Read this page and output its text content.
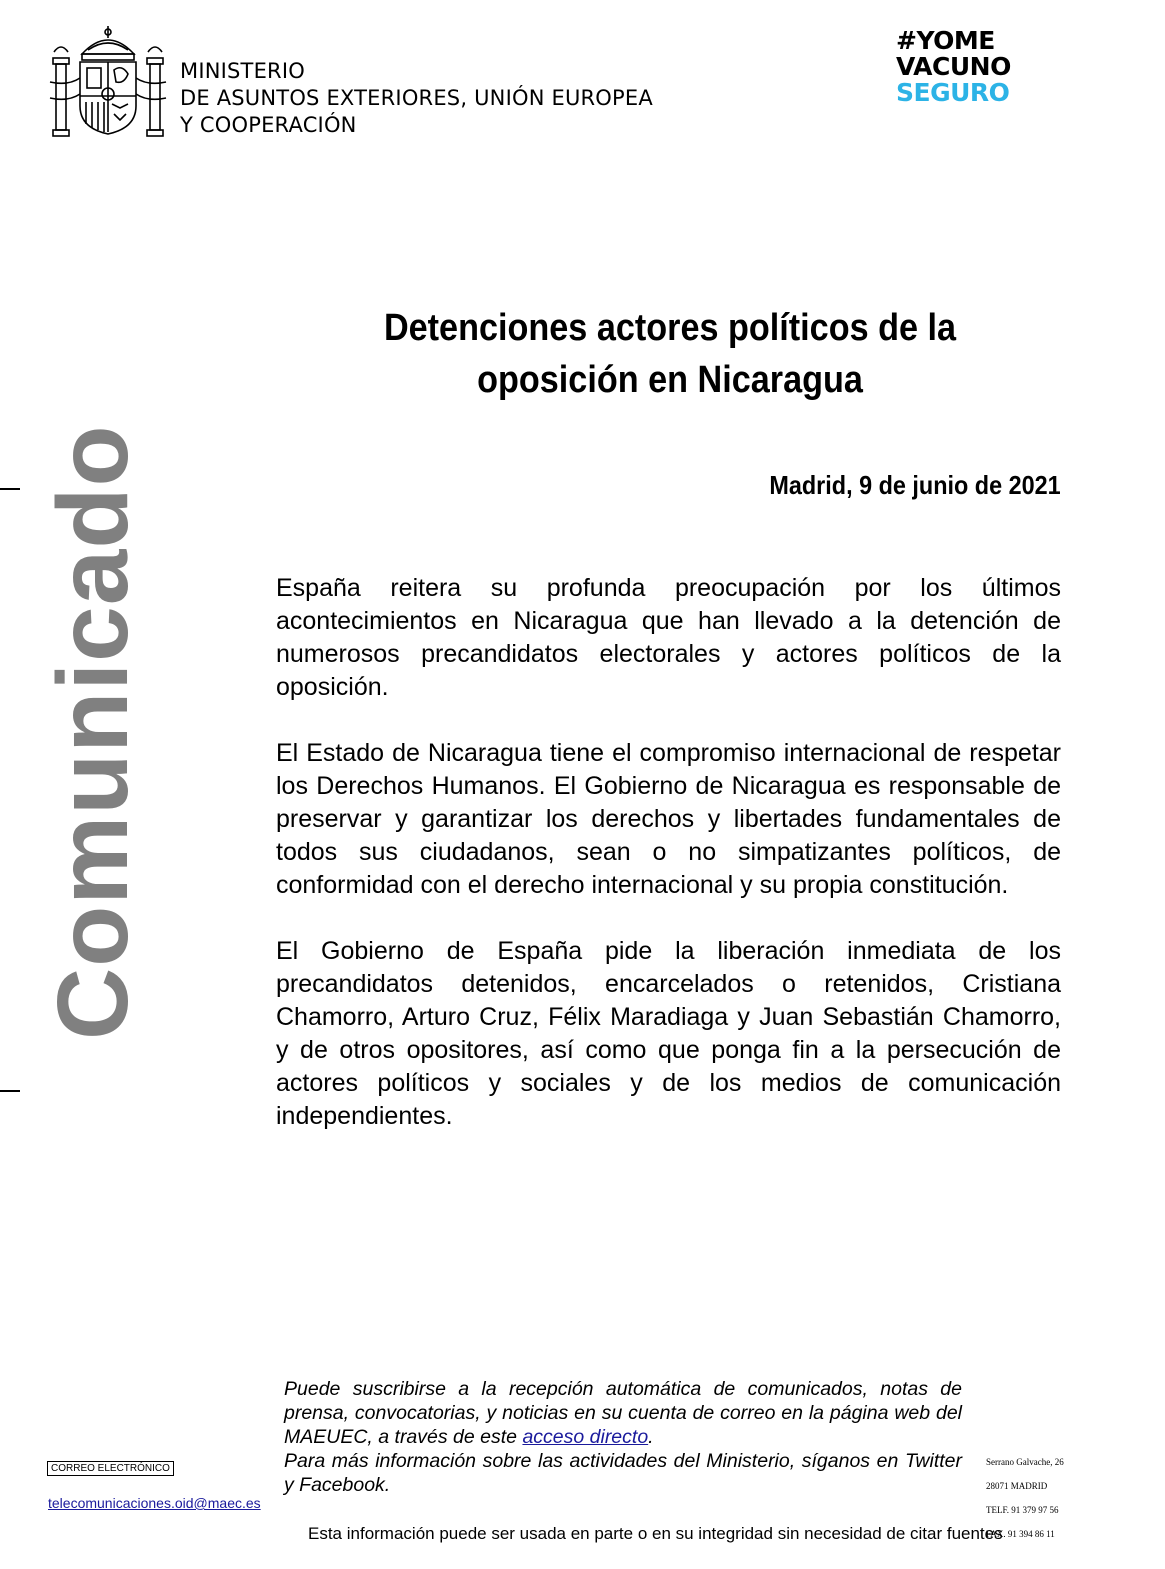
MINISTERIO
DE ASUNTOS EXTERIORES, UNIÓN EUROPEA
Y COOPERACIÓN
#YOME
VACUNO
SEGURO
Comunicado
Detenciones actores políticos de la
oposición en Nicaragua
Madrid, 9 de junio de 2021

España reitera su profunda preocupación por los últimos acontecimientos en Nicaragua que han llevado a la detención de numerosos precandidatos electorales y actores políticos de la oposición.

El Estado de Nicaragua tiene el compromiso internacional de respetar los Derechos Humanos. El Gobierno de Nicaragua es responsable de preservar y garantizar los derechos y libertades fundamentales de todos sus ciudadanos, sean o no simpatizantes políticos, de conformidad con el derecho internacional y su propia constitución.

El Gobierno de España pide la liberación inmediata de los precandidatos detenidos, encarcelados o retenidos, Cristiana Chamorro, Arturo Cruz, Félix Maradiaga y Juan Sebastián Chamorro, y de otros opositores, así como que ponga fin a la persecución de actores políticos y sociales y de los medios de comunicación independientes.

Puede suscribirse a la recepción automática de comunicados, notas de prensa, convocatorias, y noticias en su cuenta de correo en la página web del MAEUEC, a través de este acceso directo.
Para más información sobre las actividades del Ministerio, síganos en Twitter y Facebook.
CORREO ELECTRÓNICO
telecomunicaciones.oid@maec.es
Serrano Galvache, 26
28071 MADRID
TELF. 91 379 97 56
FAX. 91 394 86 11
Esta información puede ser usada en parte o en su integridad sin necesidad de citar fuentes
